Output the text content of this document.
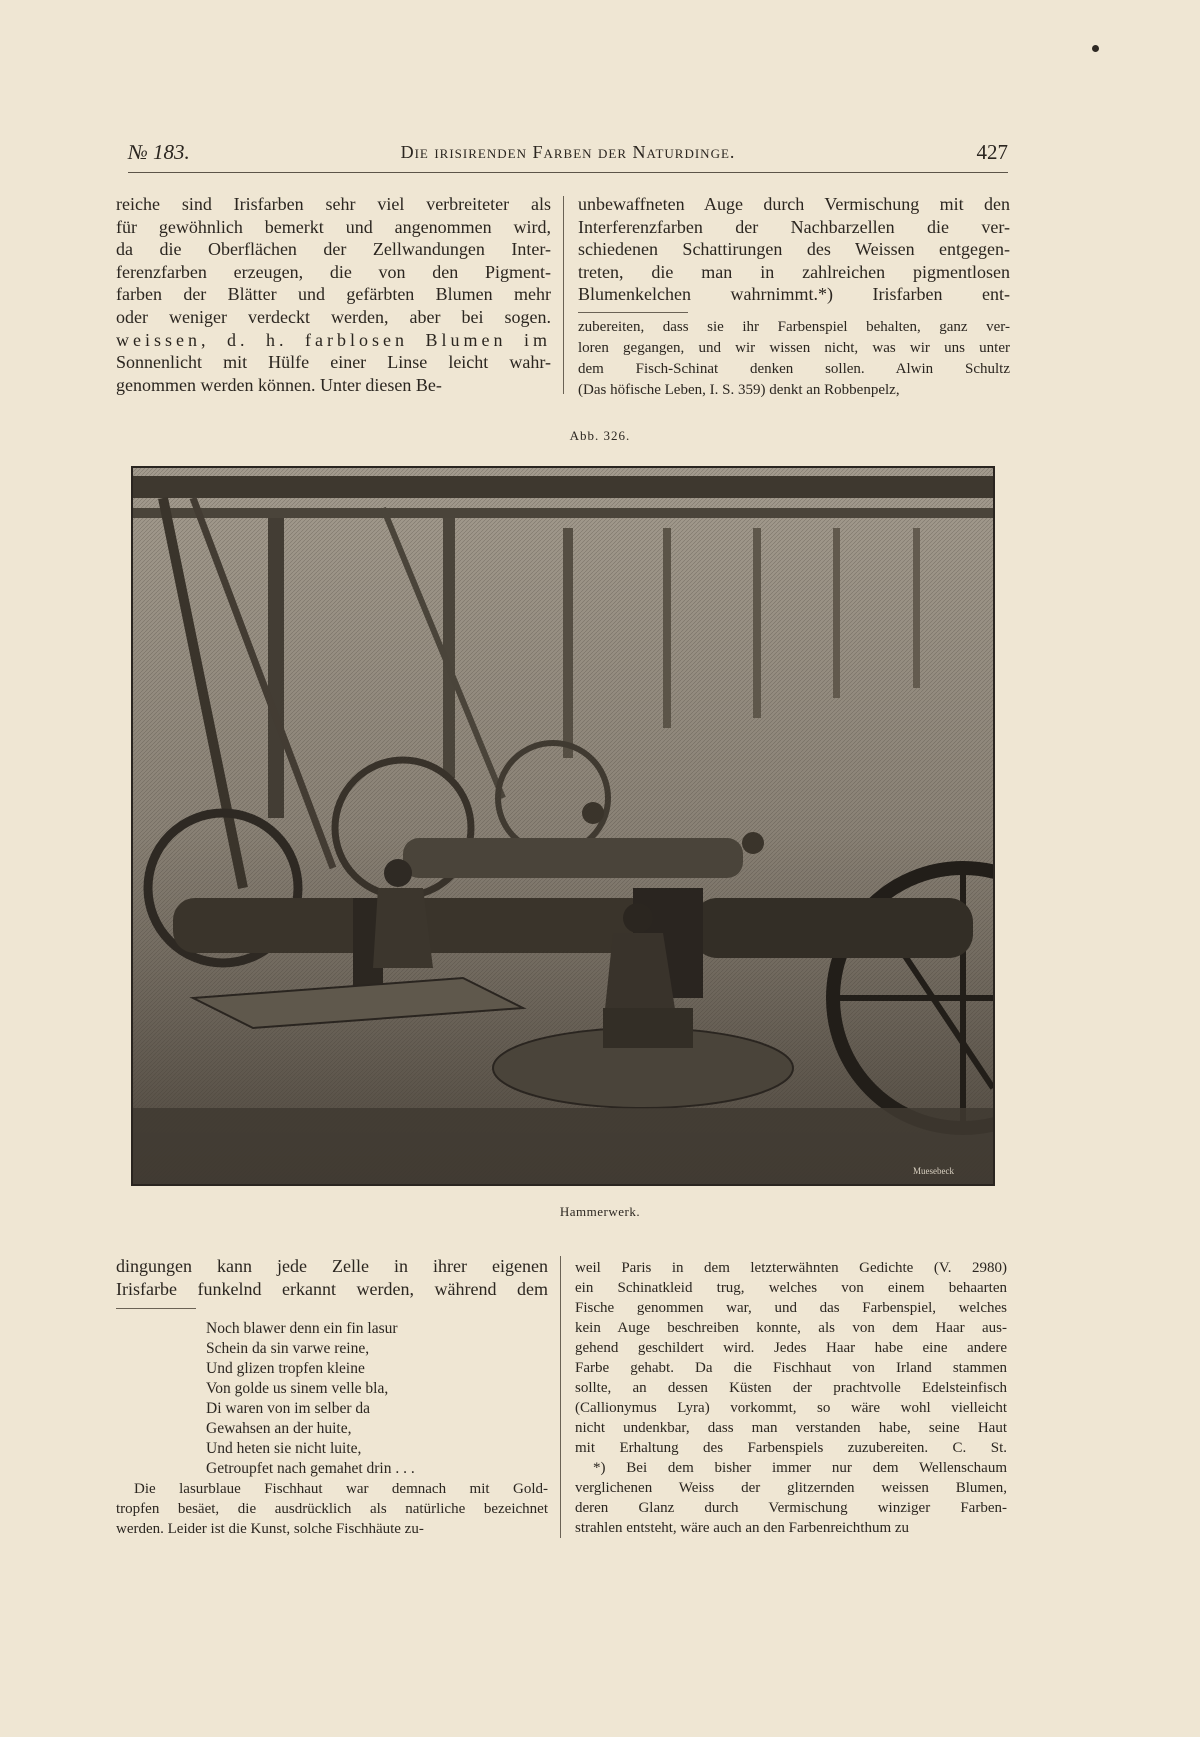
№ 183.	Die irisirenden Farben der Naturdinge.	427

reiche sind Irisfarben sehr viel verbreiteter als

für gewöhnlich bemerkt und angenommen wird,

da die Oberflächen der Zellwandungen Inter-

ferenzfarben erzeugen, die von den Pigment-

farben der Blätter und gefärbten Blumen mehr

oder weniger verdeckt werden, aber bei sogen.

weissen, d. h. farblosen Blumen im

Sonnenlicht mit Hülfe einer Linse leicht wahr-

genommen werden können. Unter diesen Be-

unbewaffneten Auge durch Vermischung mit den

Interferenzfarben der Nachbarzellen die ver-

schiedenen Schattirungen des Weissen entgegen-

treten, die man in zahlreichen pigmentlosen

Blumenkelchen wahrnimmt.*) Irisfarben ent-

zubereiten, dass sie ihr Farbenspiel behalten, ganz ver-

loren gegangen, und wir wissen nicht, was wir uns unter

dem Fisch-Schinat denken sollen. Alwin Schultz

(Das höfische Leben, I. S. 359) denkt an Robbenpelz,

Abb. 326.
Muesebeck
Hammerwerk.

dingungen kann jede Zelle in ihrer eigenen

Irisfarbe funkelnd erkannt werden, während dem

Noch blawer denn ein fin lasur
Schein da sin varwe reine,
Und glizen tropfen kleine
Von golde us sinem velle bla,
Di waren von im selber da
Gewahsen an der huite,
Und heten sie nicht luite,
Getroupfet nach gemahet drin . . .

Die lasurblaue Fischhaut war demnach mit Gold-

tropfen besäet, die ausdrücklich als natürliche bezeichnet

werden. Leider ist die Kunst, solche Fischhäute zu-

weil Paris in dem letzterwähnten Gedichte (V. 2980)

ein Schinatkleid trug, welches von einem behaarten

Fische genommen war, und das Farbenspiel, welches

kein Auge beschreiben konnte, als von dem Haar aus-

gehend geschildert wird. Jedes Haar habe eine andere

Farbe gehabt. Da die Fischhaut von Irland stammen

sollte, an dessen Küsten der prachtvolle Edelsteinfisch

(Callionymus Lyra) vorkommt, so wäre wohl vielleicht

nicht undenkbar, dass man verstanden habe, seine Haut

mit Erhaltung des Farbenspiels zuzubereiten. C. St.

*) Bei dem bisher immer nur dem Wellenschaum

verglichenen Weiss der glitzernden weissen Blumen,

deren Glanz durch Vermischung winziger Farben-

strahlen entsteht, wäre auch an den Farbenreichthum zu
